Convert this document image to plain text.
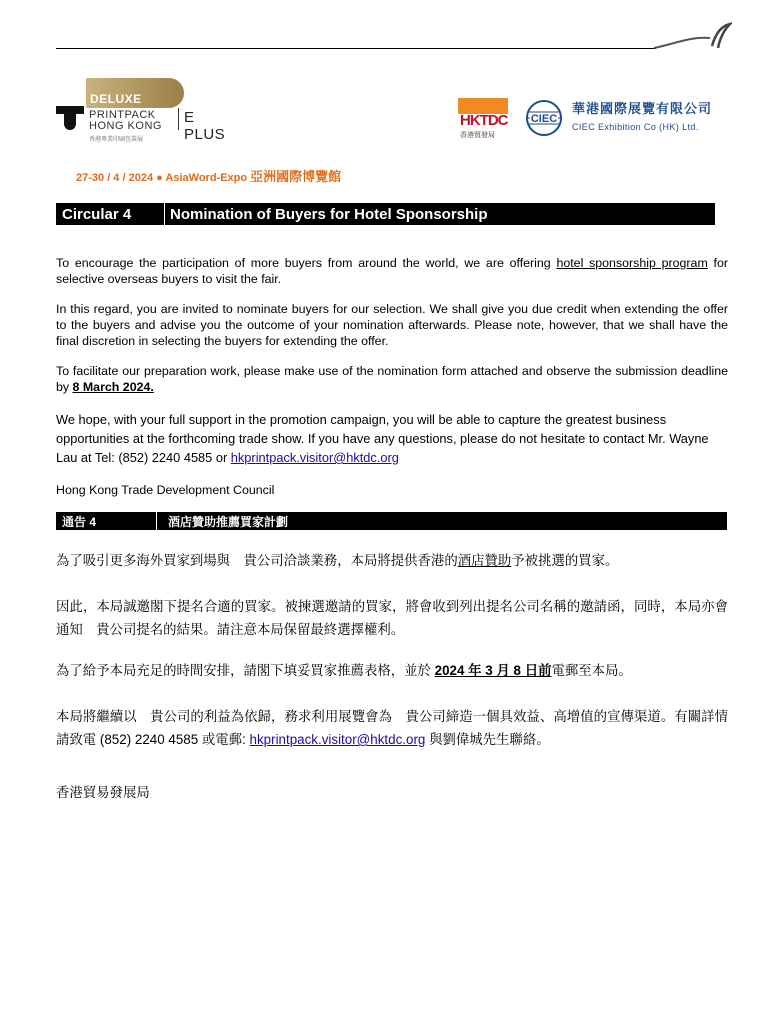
DELUXE
PRINTPACK
HONG KONG
香港專業印刷包裝展
E PLUS
HKTDC
香港貿發局
CIEC
華港國際展覽有限公司
CIEC Exhibition Co (HK) Ltd.
27-30 / 4 / 2024 ● AsiaWord-Expo 亞洲國際博覽館
Circular 4	Nomination of Buyers for Hotel Sponsorship
To encourage the participation of more buyers from around the world, we are offering hotel sponsorship program for selective overseas buyers to visit the fair.
In this regard, you are invited to nominate buyers for our selection. We shall give you due credit when extending the offer to the buyers and advise you the outcome of your nomination afterwards. Please note, however, that we shall have the final discretion in selecting the buyers for extending the offer.
To facilitate our preparation work, please make use of the nomination form attached and observe the submission deadline by 8 March 2024.
We hope, with your full support in the promotion campaign, you will be able to capture the greatest business opportunities at the forthcoming trade show. If you have any questions, please do not hesitate to contact Mr. Wayne Lau at Tel: (852) 2240 4585 or hkprintpack.visitor@hktdc.org
Hong Kong Trade Development Council
通告 4	酒店贊助推薦買家計劃
為了吸引更多海外買家到場與　貴公司洽談業務，本局將提供香港的酒店贊助予被挑選的買家。
因此，本局誠邀閣下提名合適的買家。被揀選邀請的買家，將會收到列出提名公司名稱的邀請函，同時，本局亦會通知　貴公司提名的結果。請注意本局保留最終選擇權利。
為了給予本局充足的時間安排，請閣下填妥買家推薦表格，並於 2024 年 3 月 8 日前電郵至本局。
本局將繼續以　貴公司的利益為依歸，務求利用展覽會為　貴公司締造一個具效益、高增值的宣傳渠道。有關詳情請致電 (852) 2240 4585 或電郵: hkprintpack.visitor@hktdc.org 與劉偉城先生聯絡。
香港貿易發展局
